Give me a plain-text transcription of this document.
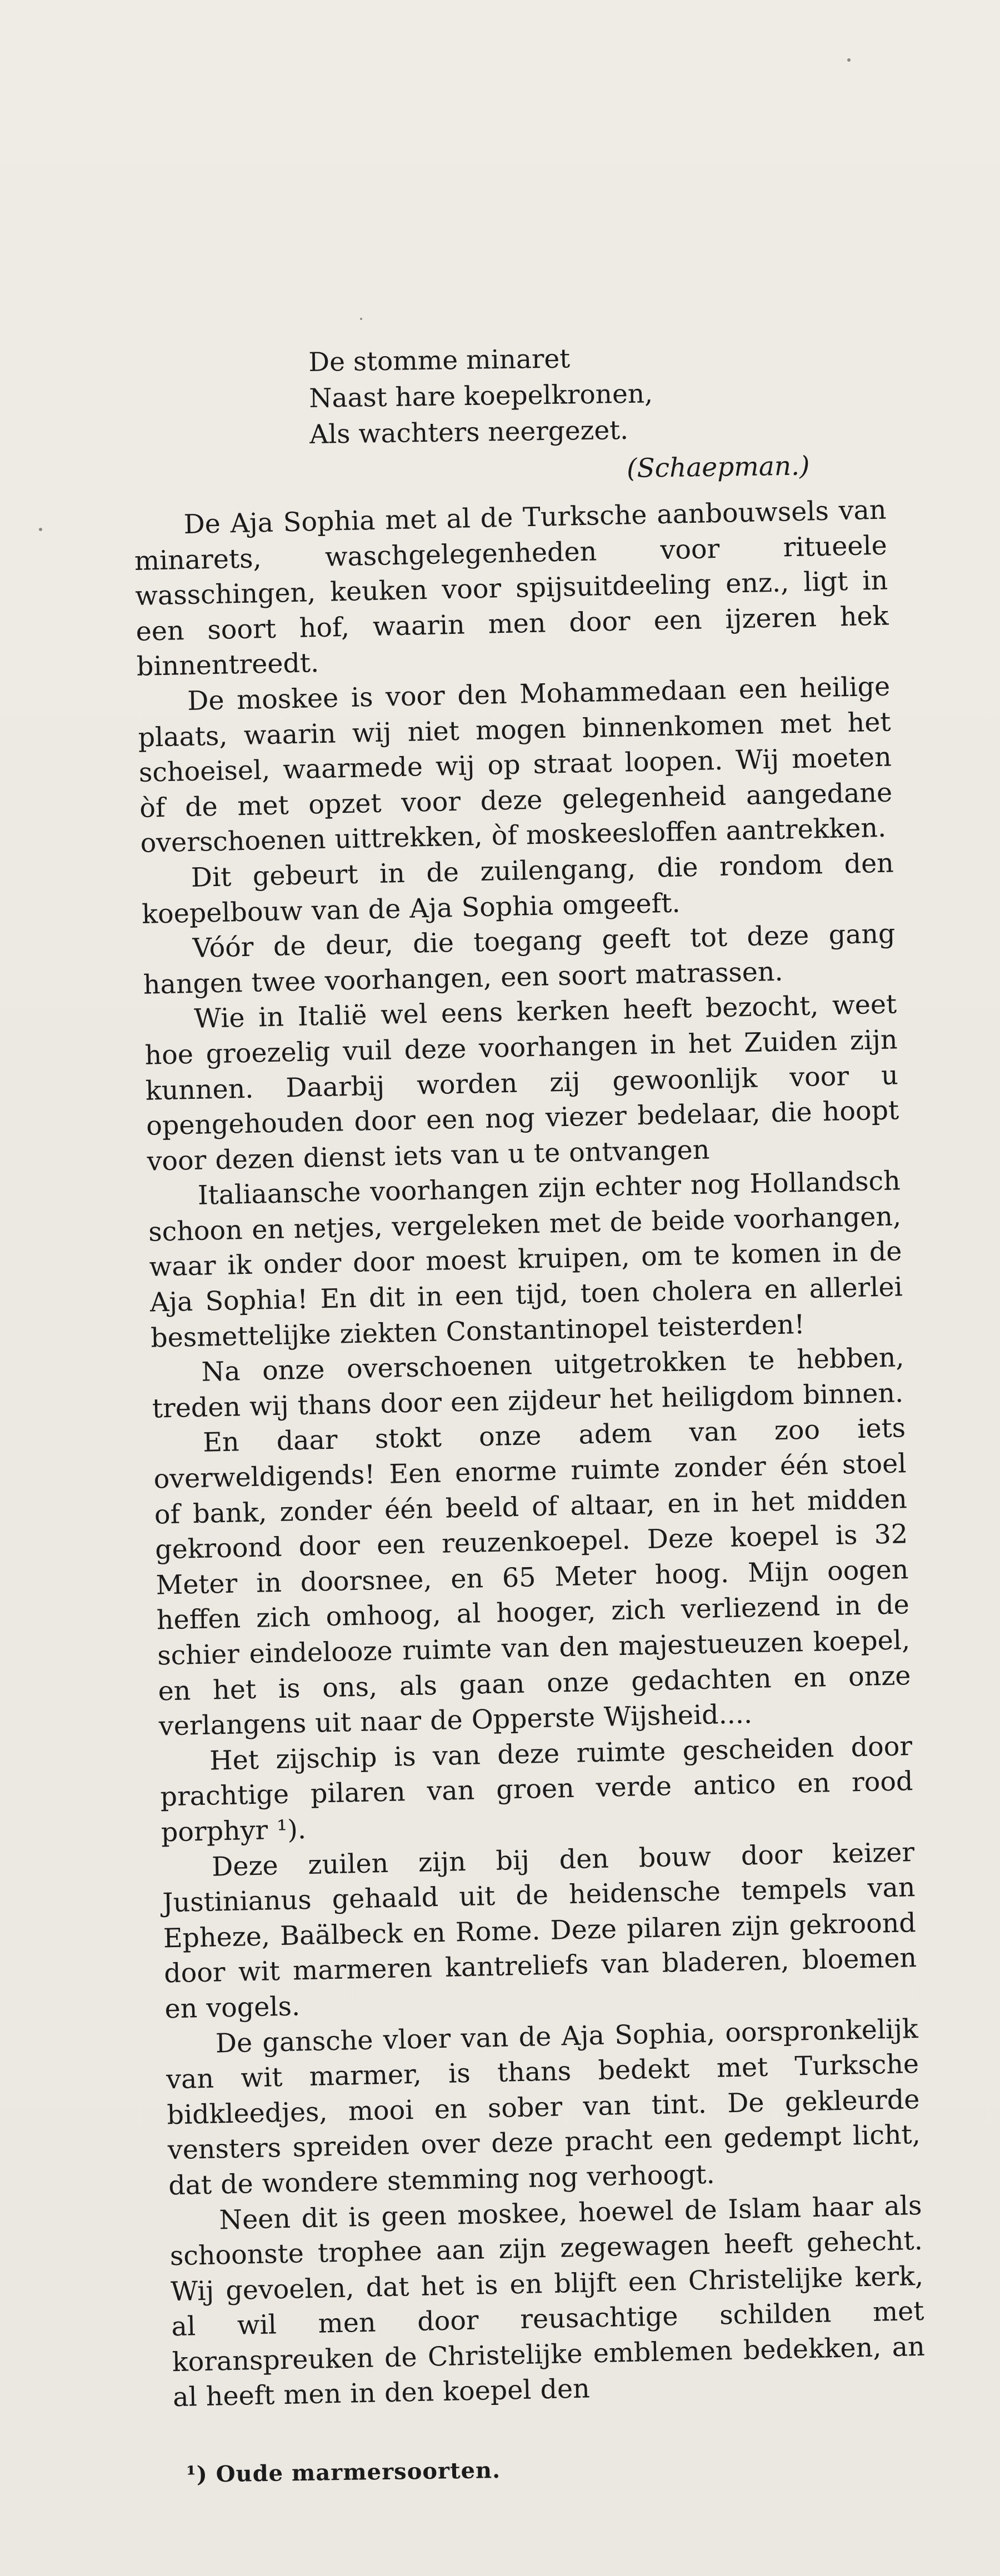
De stomme minaret
Naast hare koepelkronen,
Als wachters neergezet.
(Schaepman.)

De Aja Sophia met al de Turksche aanbouwsels van minarets, waschgelegenheden voor ritueele wasschingen, keuken voor spijsuitdeeling enz., ligt in een soort hof, waarin men door een ijzeren hek binnentreedt.

De moskee is voor den Mohammedaan een heilige plaats, waarin wij niet mogen binnenkomen met het schoeisel, waarmede wij op straat loopen. Wij moeten òf de met opzet voor deze gelegenheid aangedane overschoenen uittrekken, òf moskeesloffen aantrekken.

Dit gebeurt in de zuilengang, die rondom den koepelbouw van de Aja Sophia omgeeft.

Vóór de deur, die toegang geeft tot deze gang hangen twee voorhangen, een soort matrassen.

Wie in Italië wel eens kerken heeft bezocht, weet hoe groezelig vuil deze voorhangen in het Zuiden zijn kunnen. Daarbij worden zij gewoonlijk voor u opengehouden door een nog viezer bedelaar, die hoopt voor dezen dienst iets van u te ontvangen

Italiaansche voorhangen zijn echter nog Hollandsch schoon en netjes, vergeleken met de beide voorhangen, waar ik onder door moest kruipen, om te komen in de Aja Sophia! En dit in een tijd, toen cholera en allerlei besmettelijke ziekten Constantinopel teisterden!

Na onze overschoenen uitgetrokken te hebben, treden wij thans door een zijdeur het heiligdom binnen.

En daar stokt onze adem van zoo iets overweldigends! Een enorme ruimte zonder één stoel of bank, zonder één beeld of altaar, en in het midden gekroond door een reuzenkoepel. Deze koepel is 32 Meter in doorsnee, en 65 Meter hoog. Mijn oogen heffen zich omhoog, al hooger, zich verliezend in de schier eindelooze ruimte van den majestueuzen koepel, en het is ons, als gaan onze gedachten en onze verlangens uit naar de Opperste Wijsheid....

Het zijschip is van deze ruimte gescheiden door prachtige pilaren van groen verde antico en rood porphyr ¹).

Deze zuilen zijn bij den bouw door keizer Justinianus gehaald uit de heidensche tempels van Epheze, Baälbeck en Rome. Deze pilaren zijn gekroond door wit marmeren kantreliefs van bladeren, bloemen en vogels.

De gansche vloer van de Aja Sophia, oorspronkelijk van wit marmer, is thans bedekt met Turksche bidkleedjes, mooi en sober van tint. De gekleurde vensters spreiden over deze pracht een gedempt licht, dat de wondere stemming nog verhoogt.

Neen dit is geen moskee, hoewel de Islam haar als schoonste trophee aan zijn zegewagen heeft gehecht. Wij gevoelen, dat het is en blijft een Christelijke kerk, al wil men door reusachtige schilden met koranspreuken de Christelijke emblemen bedekken, an al heeft men in den koepel den

¹) Oude marmersoorten.
